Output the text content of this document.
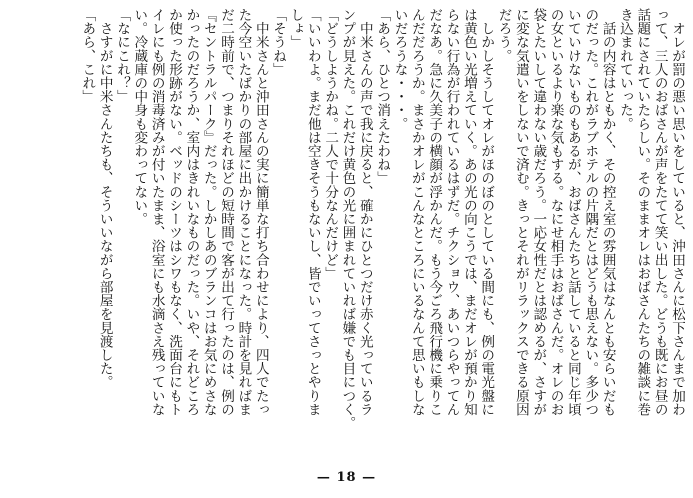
　オレが罰の悪い思いをしていると、沖田さんに松下さんまで加わ
って、三人のおばさんが声をたてて笑い出した。どうも既にお昼の
話題にされていたらしい。そのままオレはおばさんたちの雑談に巻
き込まれていった。
　話の内容はともかく、その控え室の雰囲気はなんとも安らいだも
のだった。これがラブホテルの片隅だとはどうも思えない。多少つ
いていけないものもあるが、おばさんたちと話していると同じ年頃
の女といるより楽な気もする。なにせ相手はおばさんだ。オレのお
袋とたいして違わない歳だろう。一応女性だとは認めるが、さすが
に変な気遣いをしないで済む。きっとそれがリラックスできる原因
だろう。
　しかしそうしてオレがほのぼのとしている間にも、例の電光盤に
は黄色い光増えていく。あの光の向こうでは、まだオレが預かり知
らない行為が行われているはずだ。チクショウ、あいつらやってん
だなあ。急に久美子の横顔が浮かんだ。もう今ごろ飛行機に乗りこ
んだだろうか。まさかオレがこんなところにいるなんて思いもしな
いだろうな・・・。
「あら、ひとつ消えたわね」
　中米さんの声で我に戻ると、確かにひとつだけ赤く光っているラ
ンプが見えた。これだけ黄色の光に囲まれていれば嫌でも目につく。
「どうしようかね。二人で十分なんだけど」
「いいわよ。まだ他は空きそうもないし、皆でいってさっとやりま
しょ」
「そうね」
　中米さんと沖田さんの実に簡単な打ち合わせにより、四人でたっ
た今空いたばかりの部屋に出かけることになった。時計を見ればま
だ二時前で、つまりそれほどの短時間で客が出て行ったのは、例の
『セントラルパーク』だった。しかしあのブランコはお気にめさな
かったのだろうか、室内はきれいなものだった。いや、それどころ
か使った形跡がない。ベッドのシーツはシワもなく、洗面台にもト
イレにも例の消毒済みが付いたまま、浴室にも水滴さえ残っていな
い。冷蔵庫の中身も変わってない。
「なにこれ？」
　さすがに中米さんたちも、そういいながら部屋を見渡した。
「あら、これ」
— 18 —
